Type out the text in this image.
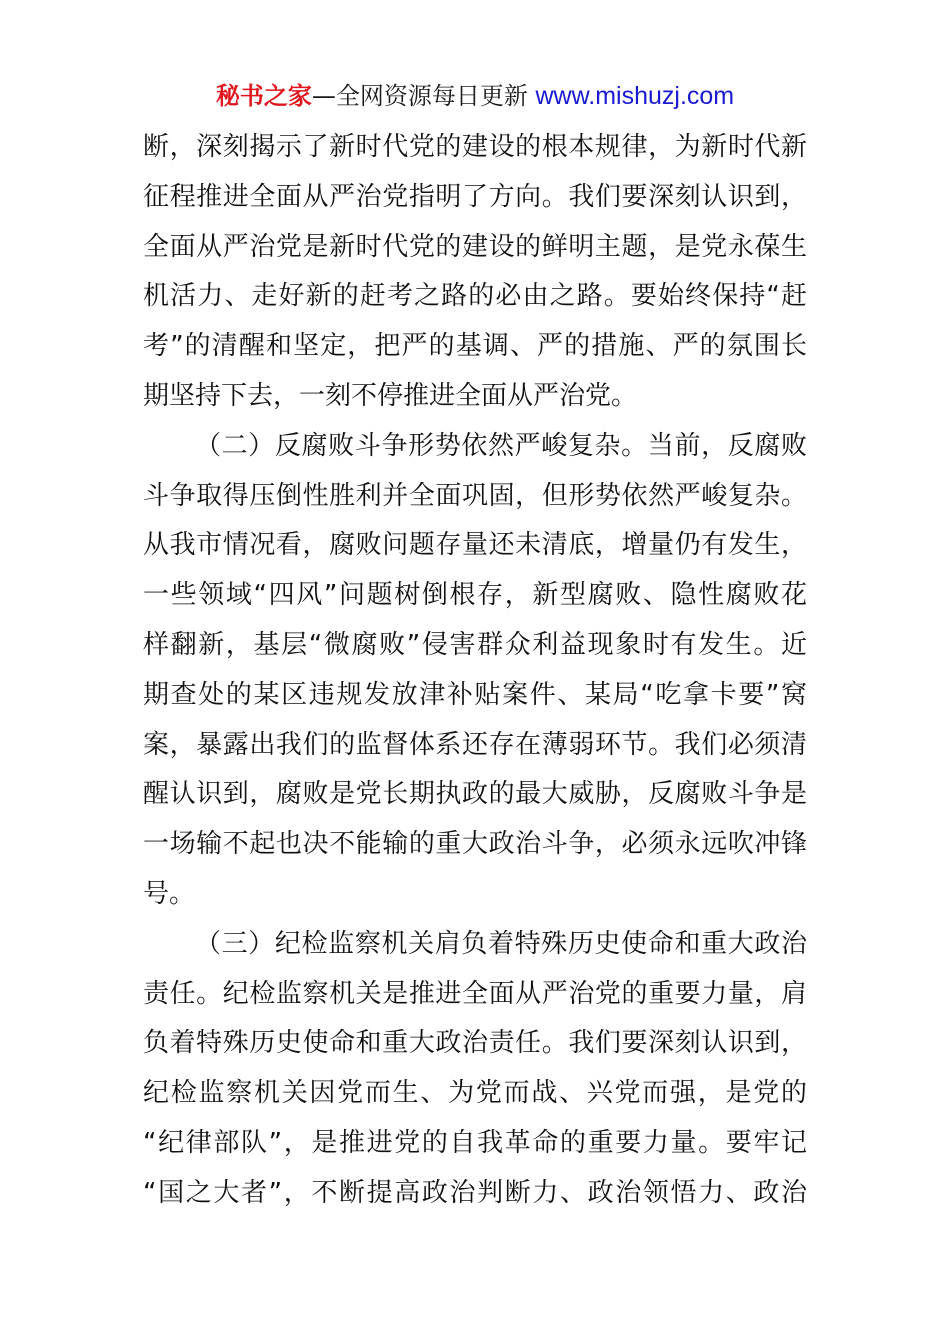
秘书之家—全网资源每日更新 www.mishuzj.com
断，深刻揭示了新时代党的建设的根本规律，为新时代新
征程推进全面从严治党指明了方向。我们要深刻认识到，
全面从严治党是新时代党的建设的鲜明主题，是党永葆生
机活力、走好新的赶考之路的必由之路。要始终保持“赶
考”的清醒和坚定，把严的基调、严的措施、严的氛围长
期坚持下去，一刻不停推进全面从严治党。
（二）反腐败斗争形势依然严峻复杂。当前，反腐败
斗争取得压倒性胜利并全面巩固，但形势依然严峻复杂。
从我市情况看，腐败问题存量还未清底，增量仍有发生，
一些领域“四风”问题树倒根存，新型腐败、隐性腐败花
样翻新，基层“微腐败”侵害群众利益现象时有发生。近
期查处的某区违规发放津补贴案件、某局“吃拿卡要”窝
案，暴露出我们的监督体系还存在薄弱环节。我们必须清
醒认识到，腐败是党长期执政的最大威胁，反腐败斗争是
一场输不起也决不能输的重大政治斗争，必须永远吹冲锋
号。
（三）纪检监察机关肩负着特殊历史使命和重大政治
责任。纪检监察机关是推进全面从严治党的重要力量，肩
负着特殊历史使命和重大政治责任。我们要深刻认识到，
纪检监察机关因党而生、为党而战、兴党而强，是党的
“纪律部队”，是推进党的自我革命的重要力量。要牢记
“国之大者”，不断提高政治判断力、政治领悟力、政治
